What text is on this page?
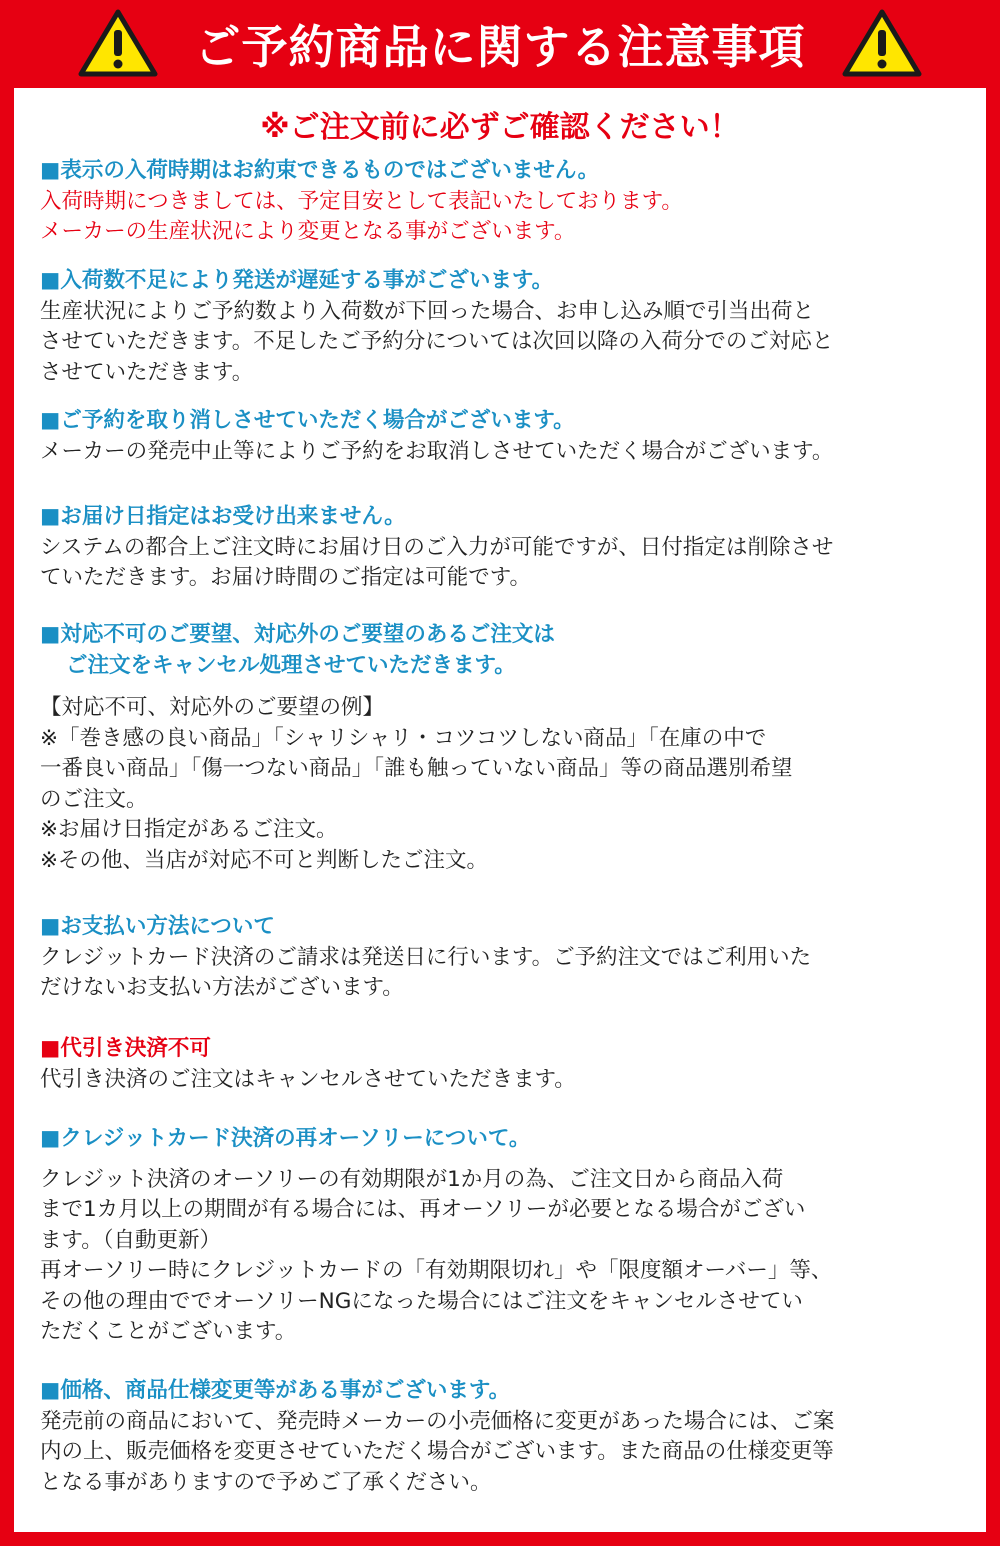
ご予約商品に関する注意事項
※ご注文前に必ずご確認ください！
■表示の入荷時期はお約束できるものではございません。
入荷時期につきましては、予定目安として表記いたしております。
メーカーの生産状況により変更となる事がございます。
■入荷数不足により発送が遅延する事がございます。
生産状況によりご予約数より入荷数が下回った場合、お申し込み順で引当出荷と
させていただきます。不足したご予約分については次回以降の入荷分でのご対応と
させていただきます。
■ご予約を取り消しさせていただく場合がございます。
メーカーの発売中止等によりご予約をお取消しさせていただく場合がございます。
■お届け日指定はお受け出来ません。
システムの都合上ご注文時にお届け日のご入力が可能ですが、日付指定は削除させ
ていただきます。お届け時間のご指定は可能です。
■対応不可のご要望、対応外のご要望のあるご注文は
ご注文をキャンセル処理させていただきます。
【対応不可、対応外のご要望の例】
※「巻き感の良い商品」「シャリシャリ・コツコツしない商品」「在庫の中で
一番良い商品」「傷一つない商品」「誰も触っていない商品」等の商品選別希望
のご注文。
※お届け日指定があるご注文。
※その他、当店が対応不可と判断したご注文。
■お支払い方法について
クレジットカード決済のご請求は発送日に行います。ご予約注文ではご利用いた
だけないお支払い方法がございます。
■代引き決済不可
代引き決済のご注文はキャンセルさせていただきます。
■クレジットカード決済の再オーソリーについて。
クレジット決済のオーソリーの有効期限が1か月の為、ご注文日から商品入荷
まで1カ月以上の期間が有る場合には、再オーソリーが必要となる場合がござい
ます。（自動更新）
再オーソリー時にクレジットカードの「有効期限切れ」や「限度額オーバー」等、
その他の理由ででオーソリーNGになった場合にはご注文をキャンセルさせてい
ただくことがございます。
■価格、商品仕様変更等がある事がございます。
発売前の商品において、発売時メーカーの小売価格に変更があった場合には、ご案
内の上、販売価格を変更させていただく場合がございます。また商品の仕様変更等
となる事がありますので予めご了承ください。
